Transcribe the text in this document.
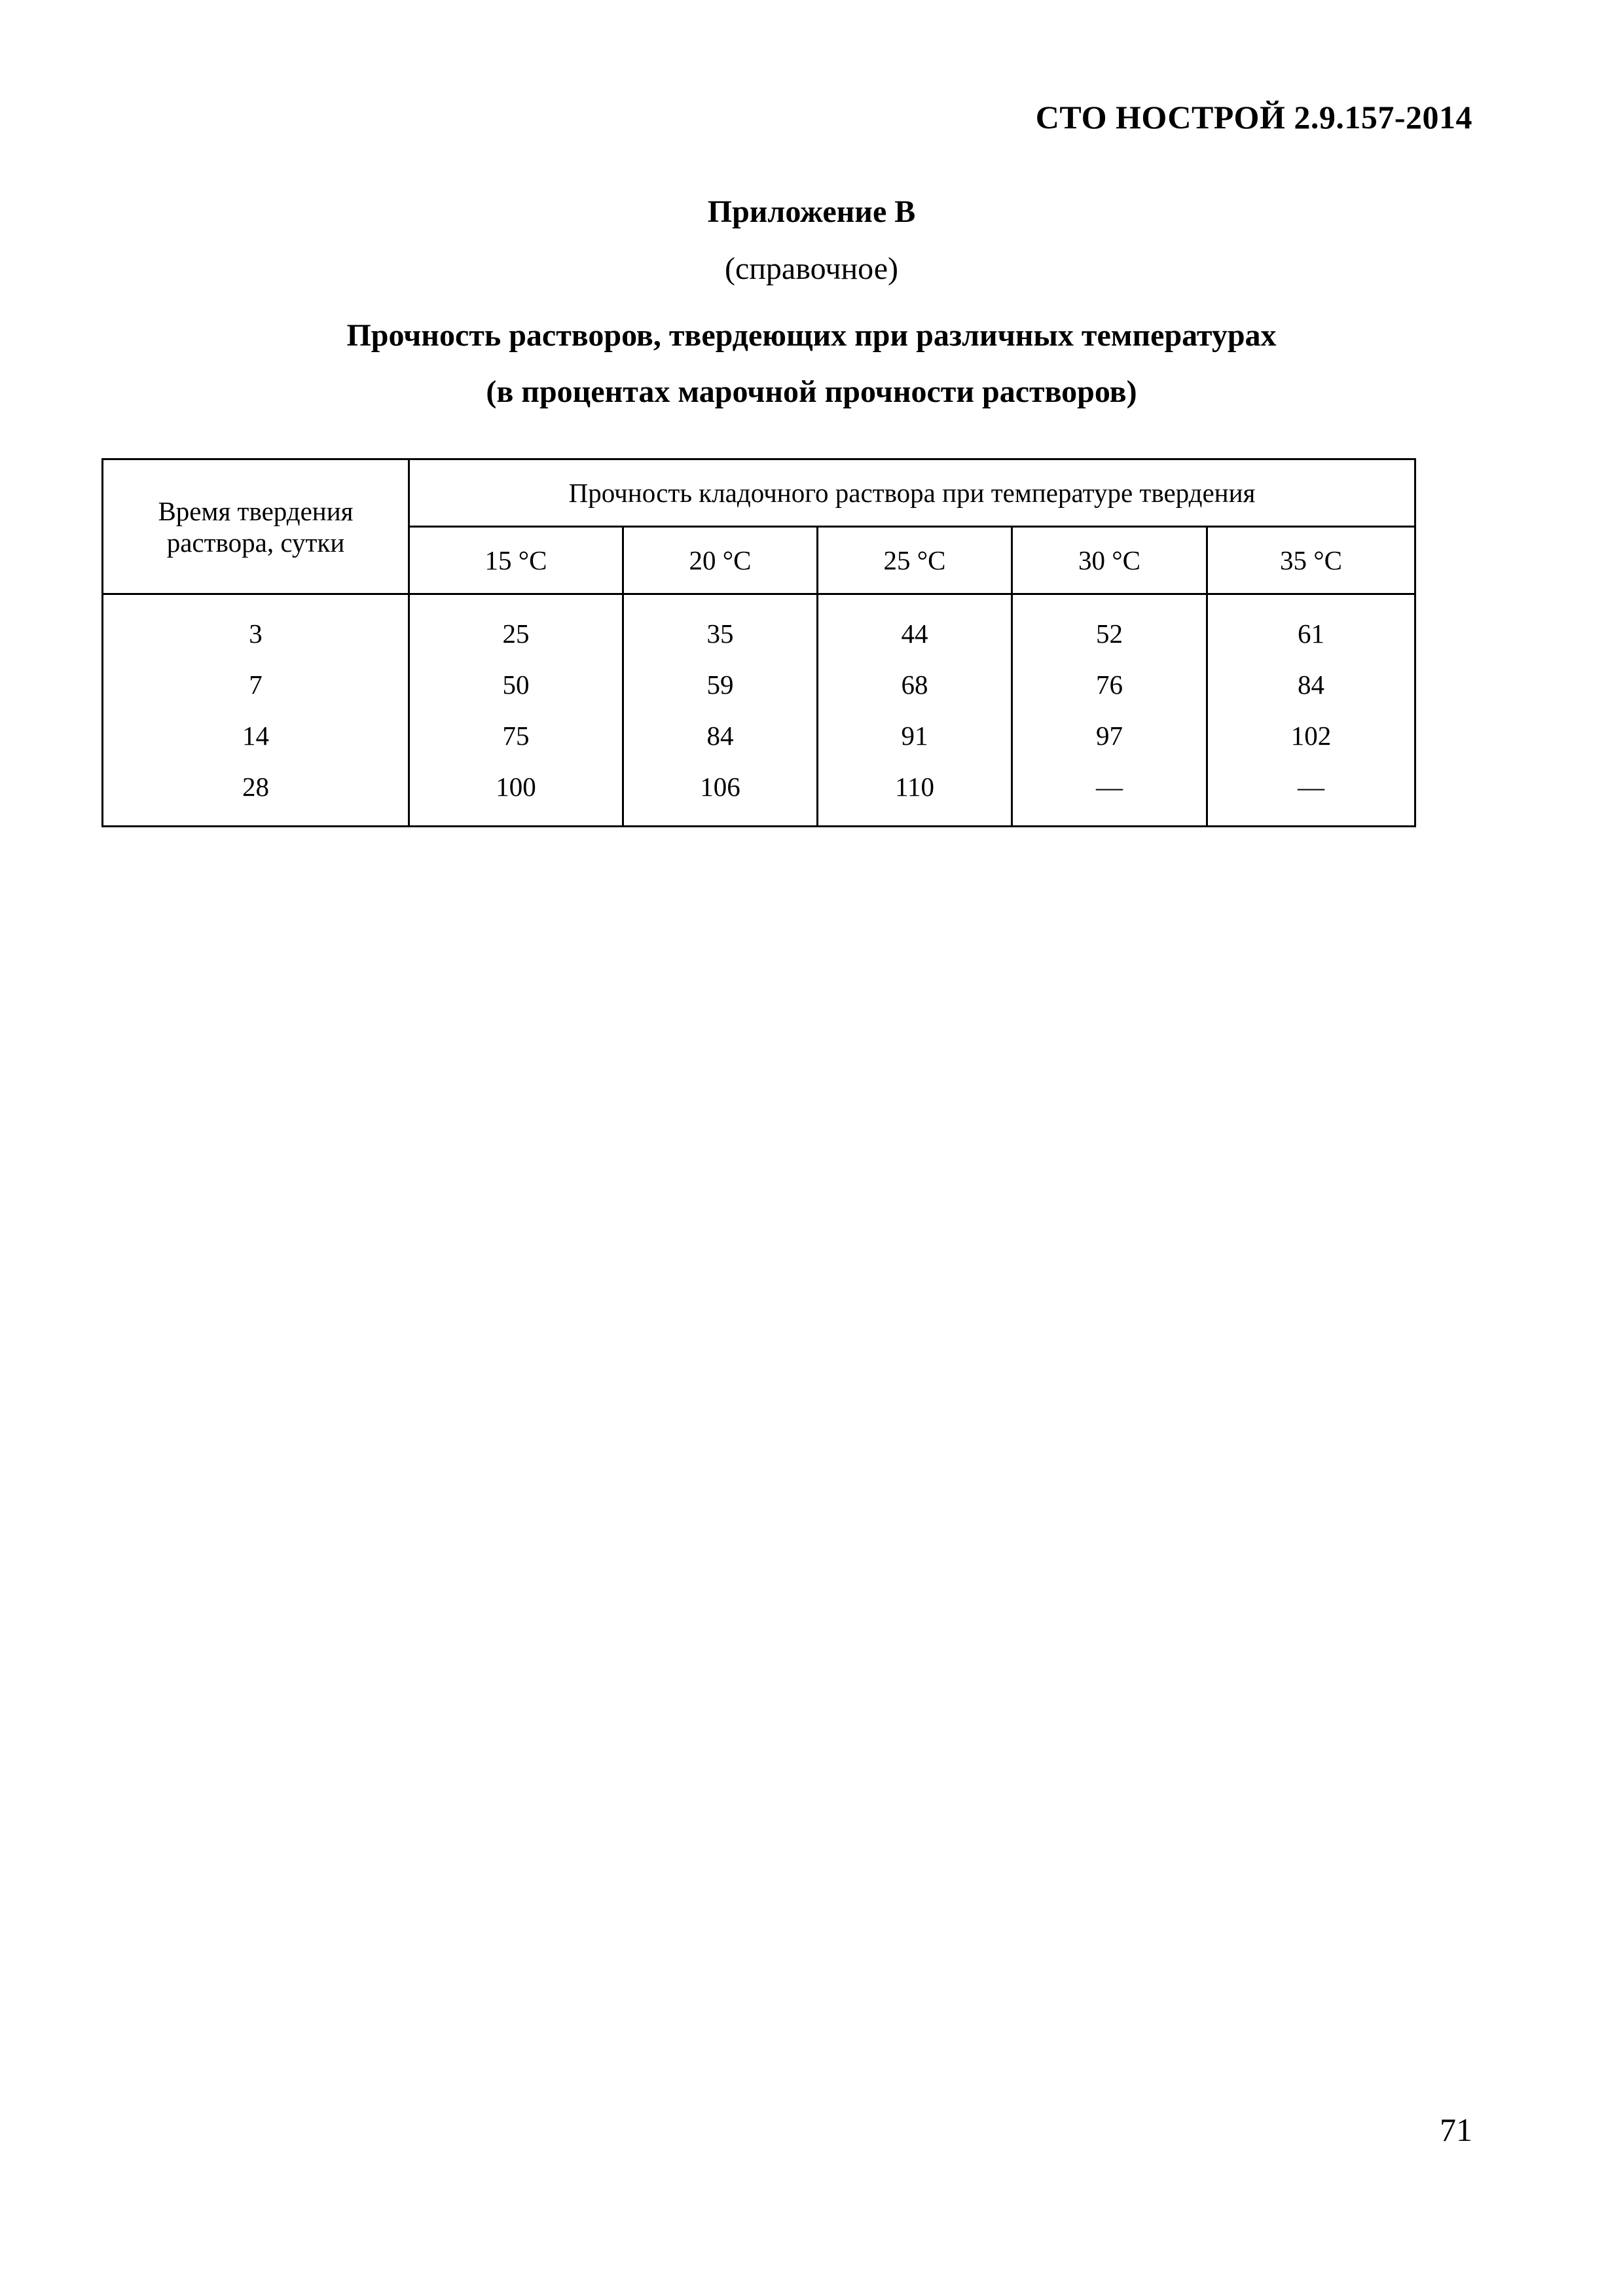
СТО НОСТРОЙ 2.9.157-2014
Приложение В
(справочное)
Прочность растворов, твердеющих при различных температурах
(в процентах марочной прочности растворов)
Время твердения раствора, сутки	Прочность кладочного раствора при температуре твердения				
	15 °С	20 °С	25 °С	30 °С	35 °С
3	25	35	44	52	61
7	50	59	68	76	84
14	75	84	91	97	102
28	100	106	110	—	—
71
